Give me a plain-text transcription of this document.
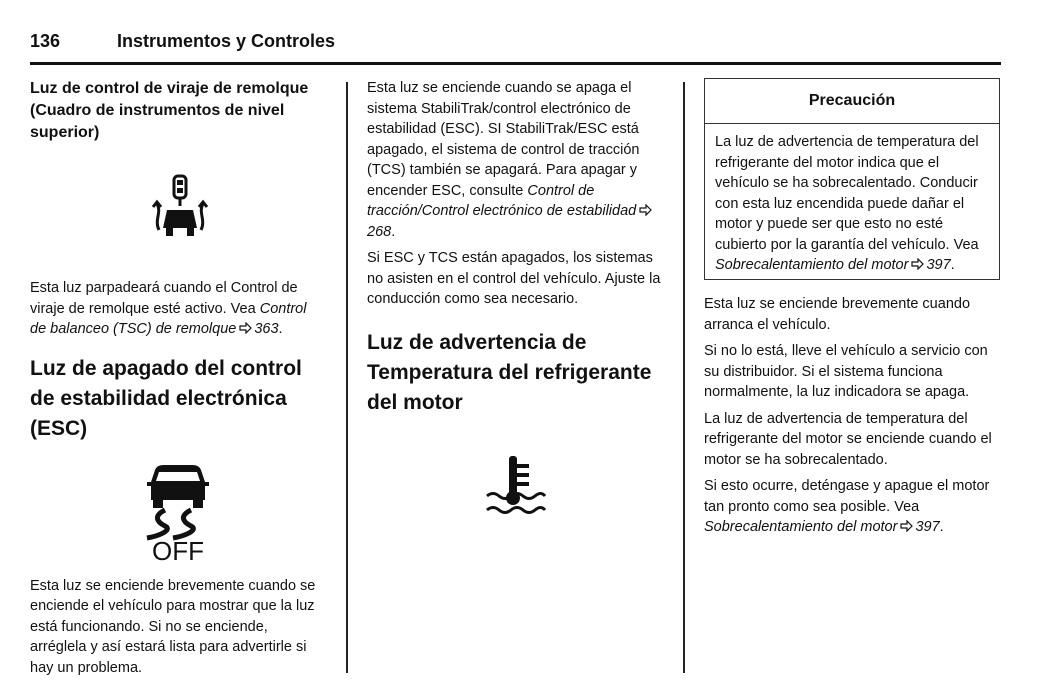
136	Instrumentos y Controles
Luz de control de viraje de remolque (Cuadro de instrumentos de nivel superior)

Esta luz parpadeará cuando el Control de viraje de remolque esté activo. Vea Control de balanceo (TSC) de remolque 363.

Luz de apagado del control de estabilidad electrónica (ESC)
OFF

Esta luz se enciende brevemente cuando se enciende el vehículo para mostrar que la luz está funcionando. Si no se enciende, arréglela y así estará lista para advertirle si hay un problema.

Esta luz se enciende cuando se apaga el sistema StabiliTrak/control electrónico de estabilidad (ESC). SI StabiliTrak/ESC está apagado, el sistema de control de tracción (TCS) también se apagará. Para apagar y encender ESC, consulte Control de tracción/Control electrónico de estabilidad268.

Si ESC y TCS están apagados, los sistemas no asisten en el control del vehículo. Ajuste la conducción como sea necesario.

Luz de advertencia de Temperatura del refrigerante del motor
Precaución
La luz de advertencia de temperatura del refrigerante del motor indica que el vehículo se ha sobrecalentado. Conducir con esta luz encendida puede dañar el motor y puede ser que esto no esté cubierto por la garantía del vehículo. Vea Sobrecalentamiento del motor 397.

Esta luz se enciende brevemente cuando arranca el vehículo.

Si no lo está, lleve el vehículo a servicio con su distribuidor. Si el sistema funciona normalmente, la luz indicadora se apaga.

La luz de advertencia de temperatura del refrigerante del motor se enciende cuando el motor se ha sobrecalentado.

Si esto ocurre, deténgase y apague el motor tan pronto como sea posible. Vea Sobrecalentamiento del motor 397.
